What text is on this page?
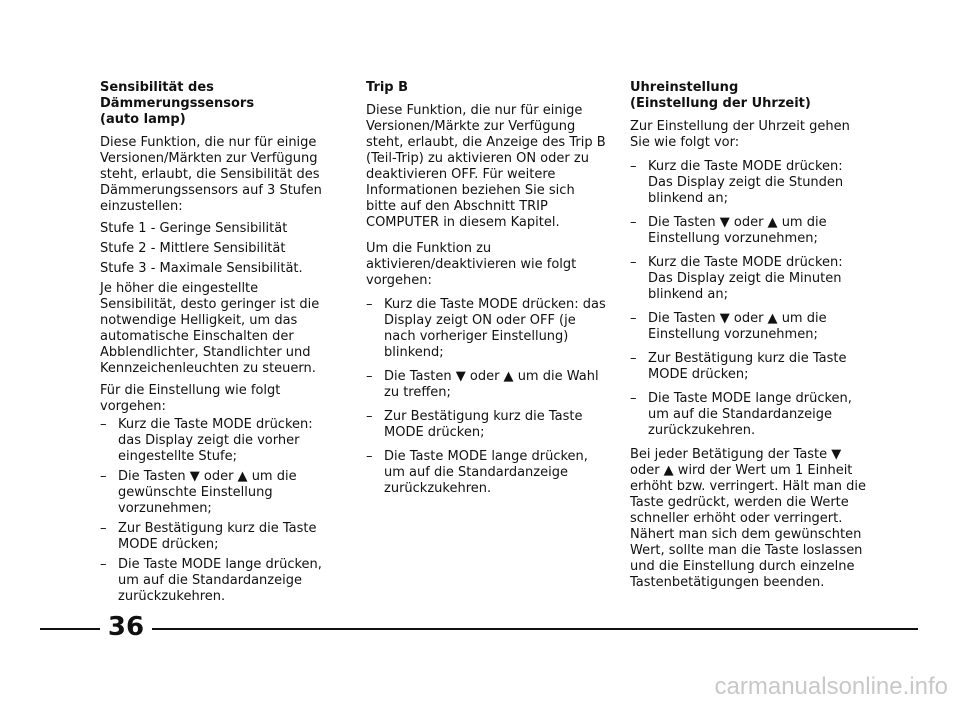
Sensibilität des
Dämmerungssensors
(auto lamp)

Diese Funktion, die nur für einige Versionen/Märkten zur Verfügung steht, erlaubt, die Sensibilität des Dämmerungssensors auf 3 Stufen einzustellen:

Stufe 1 - Geringe Sensibilität

Stufe 2 - Mittlere Sensibilität

Stufe 3 - Maximale Sensibilität.

Je höher die eingestellte Sensibilität, desto geringer ist die notwendige Helligkeit, um das automatische Einschalten der Abblendlichter, Standlichter und Kennzeichenleuchten zu steuern.

Für die Einstellung wie folgt vorgehen:

– Kurz die Taste MODE drücken: das Display zeigt die vorher eingestellte Stufe;
– Die Tasten ▼ oder ▲ um die gewünschte Einstellung vorzunehmen;
– Zur Bestätigung kurz die Taste MODE drücken;
– Die Taste MODE lange drücken, um auf die Standardanzeige zurückzukehren.
Trip B

Diese Funktion, die nur für einige Versionen/Märkte zur Verfügung steht, erlaubt, die Anzeige des Trip B (Teil-Trip) zu aktivieren ON oder zu deaktivieren OFF. Für weitere Informationen beziehen Sie sich bitte auf den Abschnitt TRIP COMPUTER in diesem Kapitel.

Um die Funktion zu aktivieren/deaktivieren wie folgt vorgehen:

– Kurz die Taste MODE drücken: das Display zeigt ON oder OFF (je nach vorheriger Einstellung) blinkend;
– Die Tasten ▼ oder ▲ um die Wahl zu treffen;
– Zur Bestätigung kurz die Taste MODE drücken;
– Die Taste MODE lange drücken, um auf die Standardanzeige zurückzukehren.
Uhreinstellung
(Einstellung der Uhrzeit)

Zur Einstellung der Uhrzeit gehen Sie wie folgt vor:

– Kurz die Taste MODE drücken: Das Display zeigt die Stunden blinkend an;
– Die Tasten ▼ oder ▲ um die Einstellung vorzunehmen;
– Kurz die Taste MODE drücken: Das Display zeigt die Minuten blinkend an;
– Die Tasten ▼ oder ▲ um die Einstellung vorzunehmen;
– Zur Bestätigung kurz die Taste MODE drücken;
– Die Taste MODE lange drücken, um auf die Standardanzeige zurückzukehren.

Bei jeder Betätigung der Taste ▼ oder ▲ wird der Wert um 1 Einheit erhöht bzw. verringert. Hält man die Taste gedrückt, werden die Werte schneller erhöht oder verringert. Nähert man sich dem gewünschten Wert, sollte man die Taste loslassen und die Einstellung durch einzelne Tastenbetätigungen beenden.

36
carmanualsonline.info
